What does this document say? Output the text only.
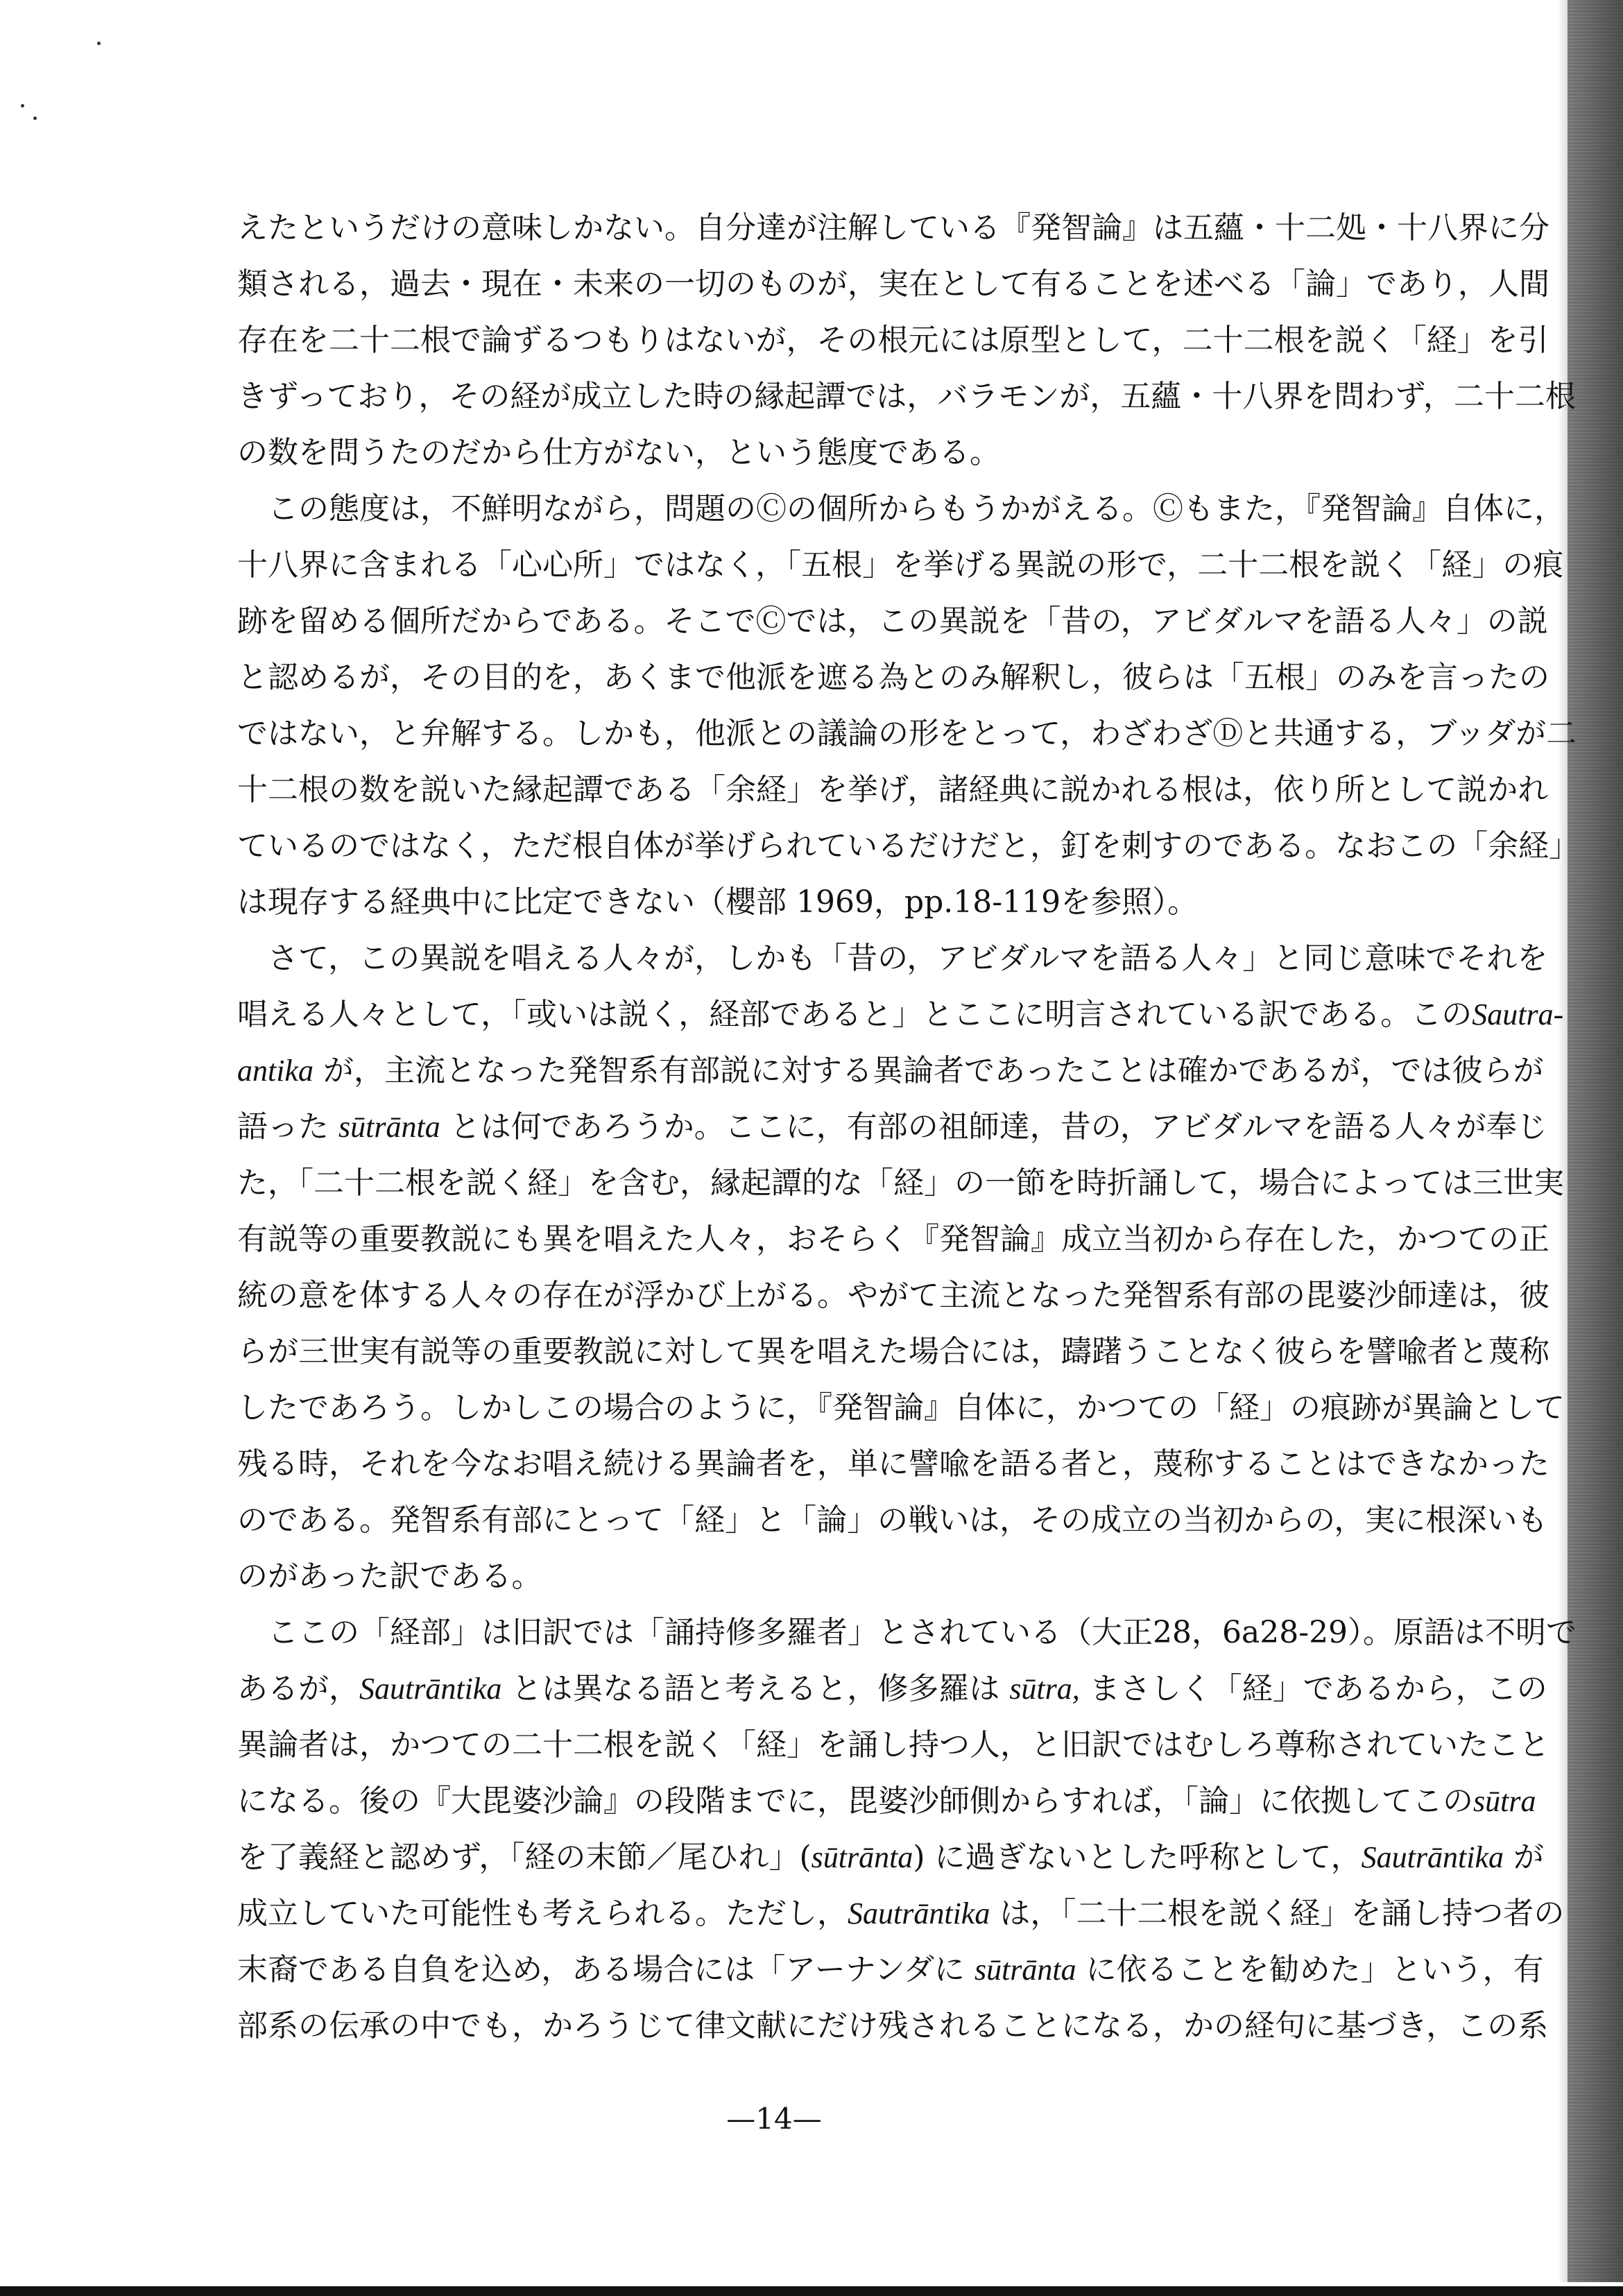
えたというだけの意味しかない。自分達が注解している『発智論』は五蘊・十二処・十八界に分
類される，過去・現在・未来の一切のものが，実在として有ることを述べる「論」であり，人間
存在を二十二根で論ずるつもりはないが，その根元には原型として，二十二根を説く「経」を引
きずっており，その経が成立した時の縁起譚では，バラモンが，五蘊・十八界を問わず，二十二根
の数を問うたのだから仕方がない，という態度である。
この態度は，不鮮明ながら，問題のⒸの個所からもうかがえる。Ⓒもまた，『発智論』自体に，
十八界に含まれる「心心所」ではなく，「五根」を挙げる異説の形で，二十二根を説く「経」の痕
跡を留める個所だからである。そこでⒸでは，この異説を「昔の，アビダルマを語る人々」の説
と認めるが，その目的を，あくまで他派を遮る為とのみ解釈し，彼らは「五根」のみを言ったの
ではない，と弁解する。しかも，他派との議論の形をとって，わざわざⒹと共通する，ブッダが二
十二根の数を説いた縁起譚である「余経」を挙げ，諸経典に説かれる根は，依り所として説かれ
ているのではなく，ただ根自体が挙げられているだけだと，釘を刺すのである。なおこの「余経」
は現存する経典中に比定できない（櫻部 1969，pp.18-119を参照）。
さて，この異説を唱える人々が，しかも「昔の，アビダルマを語る人々」と同じ意味でそれを
唱える人々として，「或いは説く，経部であると」とここに明言されている訳である。このSautra-
antika が，主流となった発智系有部説に対する異論者であったことは確かであるが，では彼らが
語った sūtrānta とは何であろうか。ここに，有部の祖師達，昔の，アビダルマを語る人々が奉じ
た，「二十二根を説く経」を含む，縁起譚的な「経」の一節を時折誦して，場合によっては三世実
有説等の重要教説にも異を唱えた人々，おそらく『発智論』成立当初から存在した，かつての正
統の意を体する人々の存在が浮かび上がる。やがて主流となった発智系有部の毘婆沙師達は，彼
らが三世実有説等の重要教説に対して異を唱えた場合には，躊躇うことなく彼らを譬喩者と蔑称
したであろう。しかしこの場合のように，『発智論』自体に，かつての「経」の痕跡が異論として
残る時，それを今なお唱え続ける異論者を，単に譬喩を語る者と，蔑称することはできなかった
のである。発智系有部にとって「経」と「論」の戦いは，その成立の当初からの，実に根深いも
のがあった訳である。
ここの「経部」は旧訳では「誦持修多羅者」とされている（大正28，6a28-29）。原語は不明で
あるが，Sautrāntika とは異なる語と考えると，修多羅は sūtra, まさしく「経」であるから，この
異論者は，かつての二十二根を説く「経」を誦し持つ人，と旧訳ではむしろ尊称されていたこと
になる。後の『大毘婆沙論』の段階までに，毘婆沙師側からすれば，「論」に依拠してこのsūtra
を了義経と認めず，「経の末節／尾ひれ」(sūtrānta) に過ぎないとした呼称として，Sautrāntika が
成立していた可能性も考えられる。ただし，Sautrāntika は，「二十二根を説く経」を誦し持つ者の
末裔である自負を込め，ある場合には「アーナンダに sūtrānta に依ることを勧めた」という，有
部系の伝承の中でも，かろうじて律文献にだけ残されることになる，かの経句に基づき，この系
—14—
